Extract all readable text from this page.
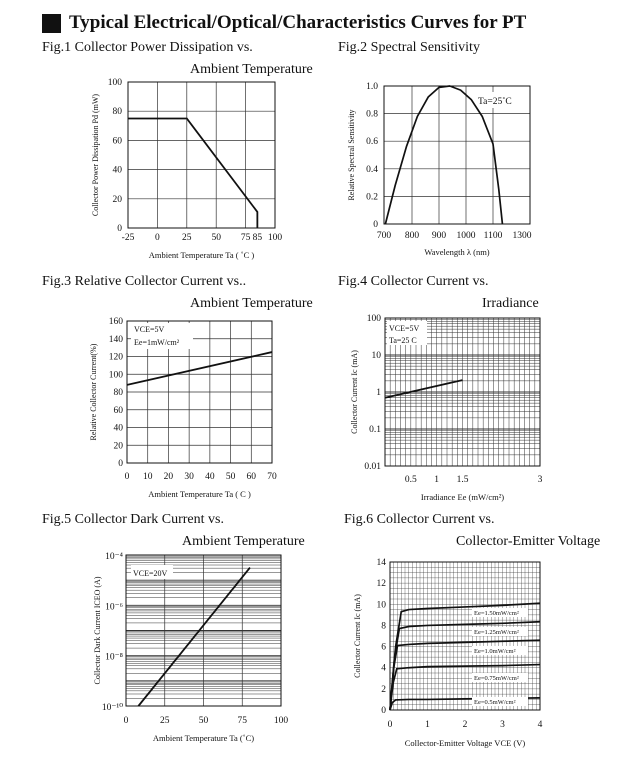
Typical Electrical/Optical/Characteristics Curves for PT
Fig.1 Collector Power Dissipation vs.
Ambient Temperature
Fig.2 Spectral Sensitivity
Fig.3 Relative Collector Current vs..
Ambient Temperature
Fig.4 Collector Current vs.
Irradiance
Fig.5 Collector Dark Current vs.
Ambient Temperature
Fig.6 Collector Current vs.
Collector-Emitter Voltage
-25 0 25 50 75 85 100
0
20
40
60
80
100
Ambient Temperature Ta ( ˚C )
Collector Power Dissipation Pd (mW)
700 800 900 1000 1100 1300
0
0.2
0.4
0.6
0.8
1.0
Wavelength λ (nm)
Relative Spectral Sensitivity
Ta=25˚C
0 10 20 30 40 50 60 70
0
20
40
60
80
100
120
140
160
Ambient Temperature Ta ( C )
Relative Collector Current(%)
VCE=5V
Ee=1mW/cm²
0.5 1 1.5	3
0.01
0.1
1
10
100
Irradiance Ee (mW/cm²)
Collector Current Ic (mA)
VCE=5V
Ta=25 C
0	25	50	75	100
10⁻¹⁰
10⁻⁸
10⁻⁶
10⁻⁴
Ambient Temperature Ta (˚C)
Collector Dark Current ICEO (A)
VCE=20V
0	1	2	3	4
0
2
4
6
8
10
12
14
Collector-Emitter Voltage VCE (V)
Collector Current Ic (mA)	Ee=1.50mW/cm²
Ee=1.25mW/cm²
Ee=1.0mW/cm²
Ee=0.75mW/cm²
Ee=0.5mW/cm²
